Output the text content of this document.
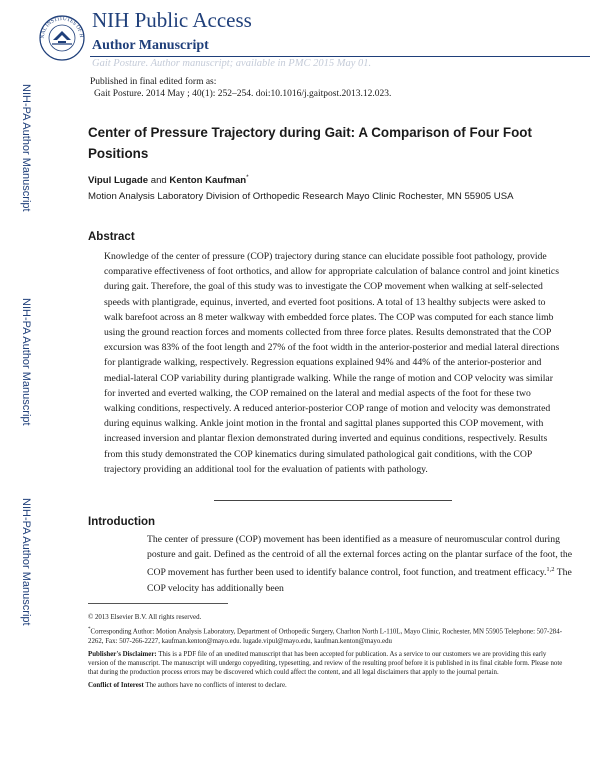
NAL INSTITUTES OF H
NIH Public Access
Author Manuscript
Gait Posture. Author manuscript; available in PMC 2015 May 01.
Published in final edited form as:
Gait Posture. 2014 May ; 40(1): 252–254. doi:10.1016/j.gaitpost.2013.12.023.
NIH-PA Author Manuscript
NIH-PA Author Manuscript
NIH-PA Author Manuscript
Center of Pressure Trajectory during Gait: A Comparison of Four Foot Positions
Vipul Lugade and Kenton Kaufman*
Motion Analysis Laboratory Division of Orthopedic Research Mayo Clinic Rochester, MN 55905 USA
Abstract
Knowledge of the center of pressure (COP) trajectory during stance can elucidate possible foot pathology, provide comparative effectiveness of foot orthotics, and allow for appropriate calculation of balance control and joint kinetics during gait. Therefore, the goal of this study was to investigate the COP movement when walking at self-selected speeds with plantigrade, equinus, inverted, and everted foot positions. A total of 13 healthy subjects were asked to walk barefoot across an 8 meter walkway with embedded force plates. The COP was computed for each stance limb using the ground reaction forces and moments collected from three force plates. Results demonstrated that the COP excursion was 83% of the foot length and 27% of the foot width in the anterior-posterior and medial lateral directions for plantigrade walking, respectively. Regression equations explained 94% and 44% of the anterior-posterior and medial-lateral COP variability during plantigrade walking. While the range of motion and COP velocity was similar for inverted and everted walking, the COP remained on the lateral and medial aspects of the foot for these two walking conditions, respectively. A reduced anterior-posterior COP range of motion and velocity was demonstrated during equinus walking. Ankle joint motion in the frontal and sagittal planes supported this COP movement, with increased inversion and plantar flexion demonstrated during inverted and equinus conditions, respectively. Results from this study demonstrated the COP kinematics during simulated pathological gait conditions, with the COP trajectory providing an additional tool for the evaluation of patients with pathology.
Introduction
The center of pressure (COP) movement has been identified as a measure of neuromuscular control during posture and gait. Defined as the centroid of all the external forces acting on the plantar surface of the foot, the COP movement has further been used to identify balance control, foot function, and treatment efficacy.$^{1,2}$ The COP velocity has additionally been

© 2013 Elsevier B.V. All rights reserved.

*Corresponding Author: Motion Analysis Laboratory, Department of Orthopedic Surgery, Charlton North L-110L, Mayo Clinic, Rochester, MN 55905 Telephone: 507-284-2262, Fax: 507-266-2227, kaufman.kenton@mayo.edu. lugade.vipul@mayo.edu, kaufman.kenton@mayo.edu

Publisher's Disclaimer: This is a PDF file of an unedited manuscript that has been accepted for publication. As a service to our customers we are providing this early version of the manuscript. The manuscript will undergo copyediting, typesetting, and review of the resulting proof before it is published in its final citable form. Please note that during the production process errors may be discovered which could affect the content, and all legal disclaimers that apply to the journal pertain.

Conflict of Interest The authors have no conflicts of interest to declare.
